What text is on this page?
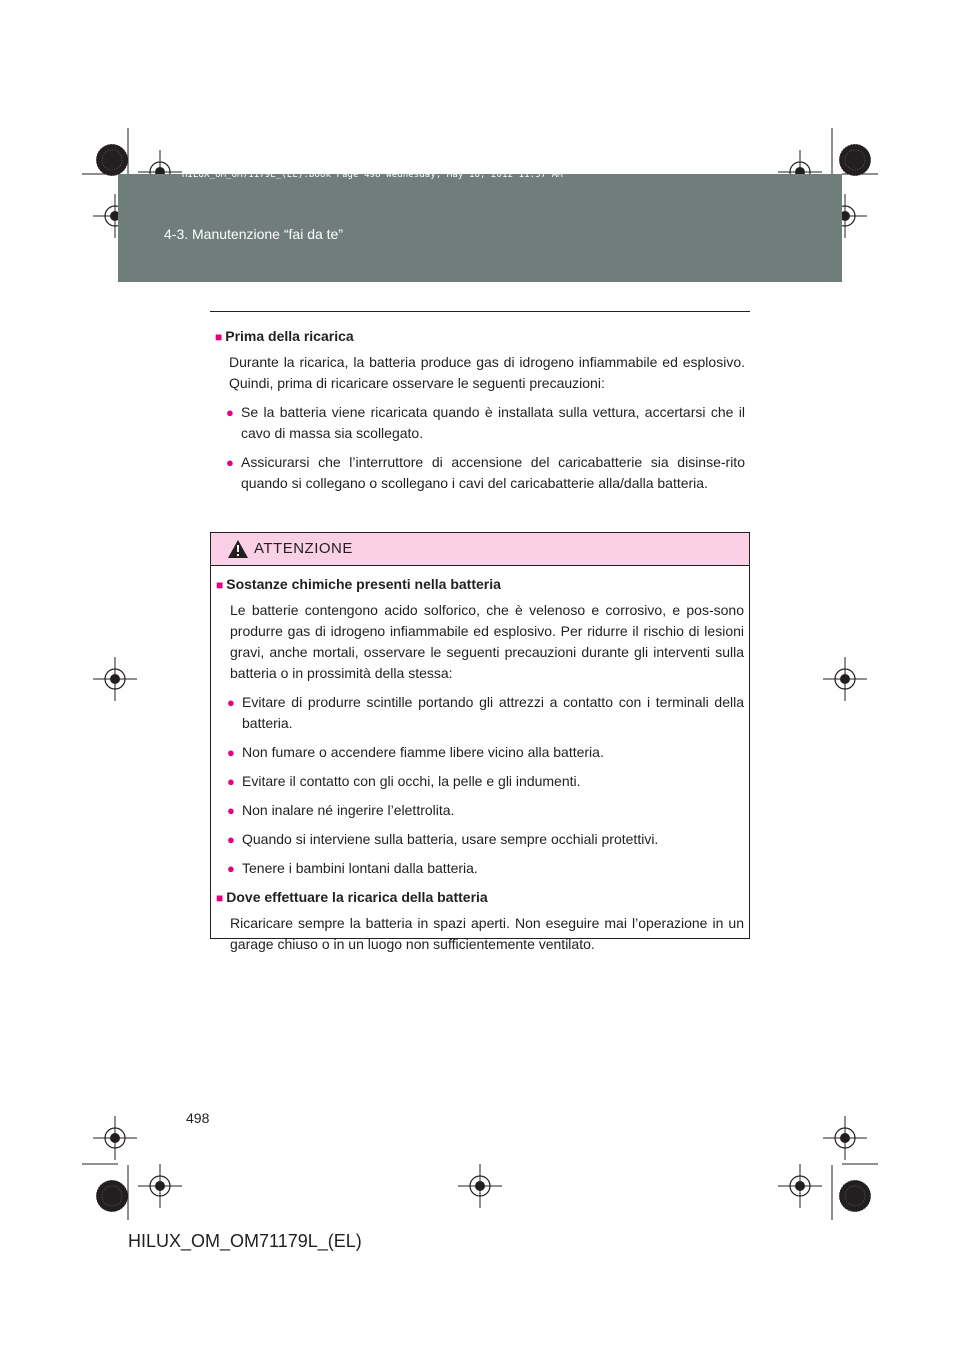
HILUX_OM_OM71179L_(EL).book Page 498 Wednesday, May 16, 2012 11:37 AM
4-3. Manutenzione “fai da te”
■ Prima della ricarica
Durante la ricarica, la batteria produce gas di idrogeno infiammabile ed esplosivo. Quindi, prima di ricaricare osservare le seguenti precauzioni:
● Se la batteria viene ricaricata quando è installata sulla vettura, accertarsi che il cavo di massa sia scollegato.
● Assicurarsi che l’interruttore di accensione del caricabatterie sia disinse-rito quando si collegano o scollegano i cavi del caricabatterie alla/dalla batteria.
ATTENZIONE
■ Sostanze chimiche presenti nella batteria
Le batterie contengono acido solforico, che è velenoso e corrosivo, e pos-sono produrre gas di idrogeno infiammabile ed esplosivo. Per ridurre il rischio di lesioni gravi, anche mortali, osservare le seguenti precauzioni durante gli interventi sulla batteria o in prossimità della stessa:
● Evitare di produrre scintille portando gli attrezzi a contatto con i terminali della batteria.
● Non fumare o accendere fiamme libere vicino alla batteria.
● Evitare il contatto con gli occhi, la pelle e gli indumenti.
● Non inalare né ingerire l’elettrolita.
● Quando si interviene sulla batteria, usare sempre occhiali protettivi.
● Tenere i bambini lontani dalla batteria.
■ Dove effettuare la ricarica della batteria
Ricaricare sempre la batteria in spazi aperti. Non eseguire mai l’operazione in un garage chiuso o in un luogo non sufficientemente ventilato.
498
HILUX_OM_OM71179L_(EL)
